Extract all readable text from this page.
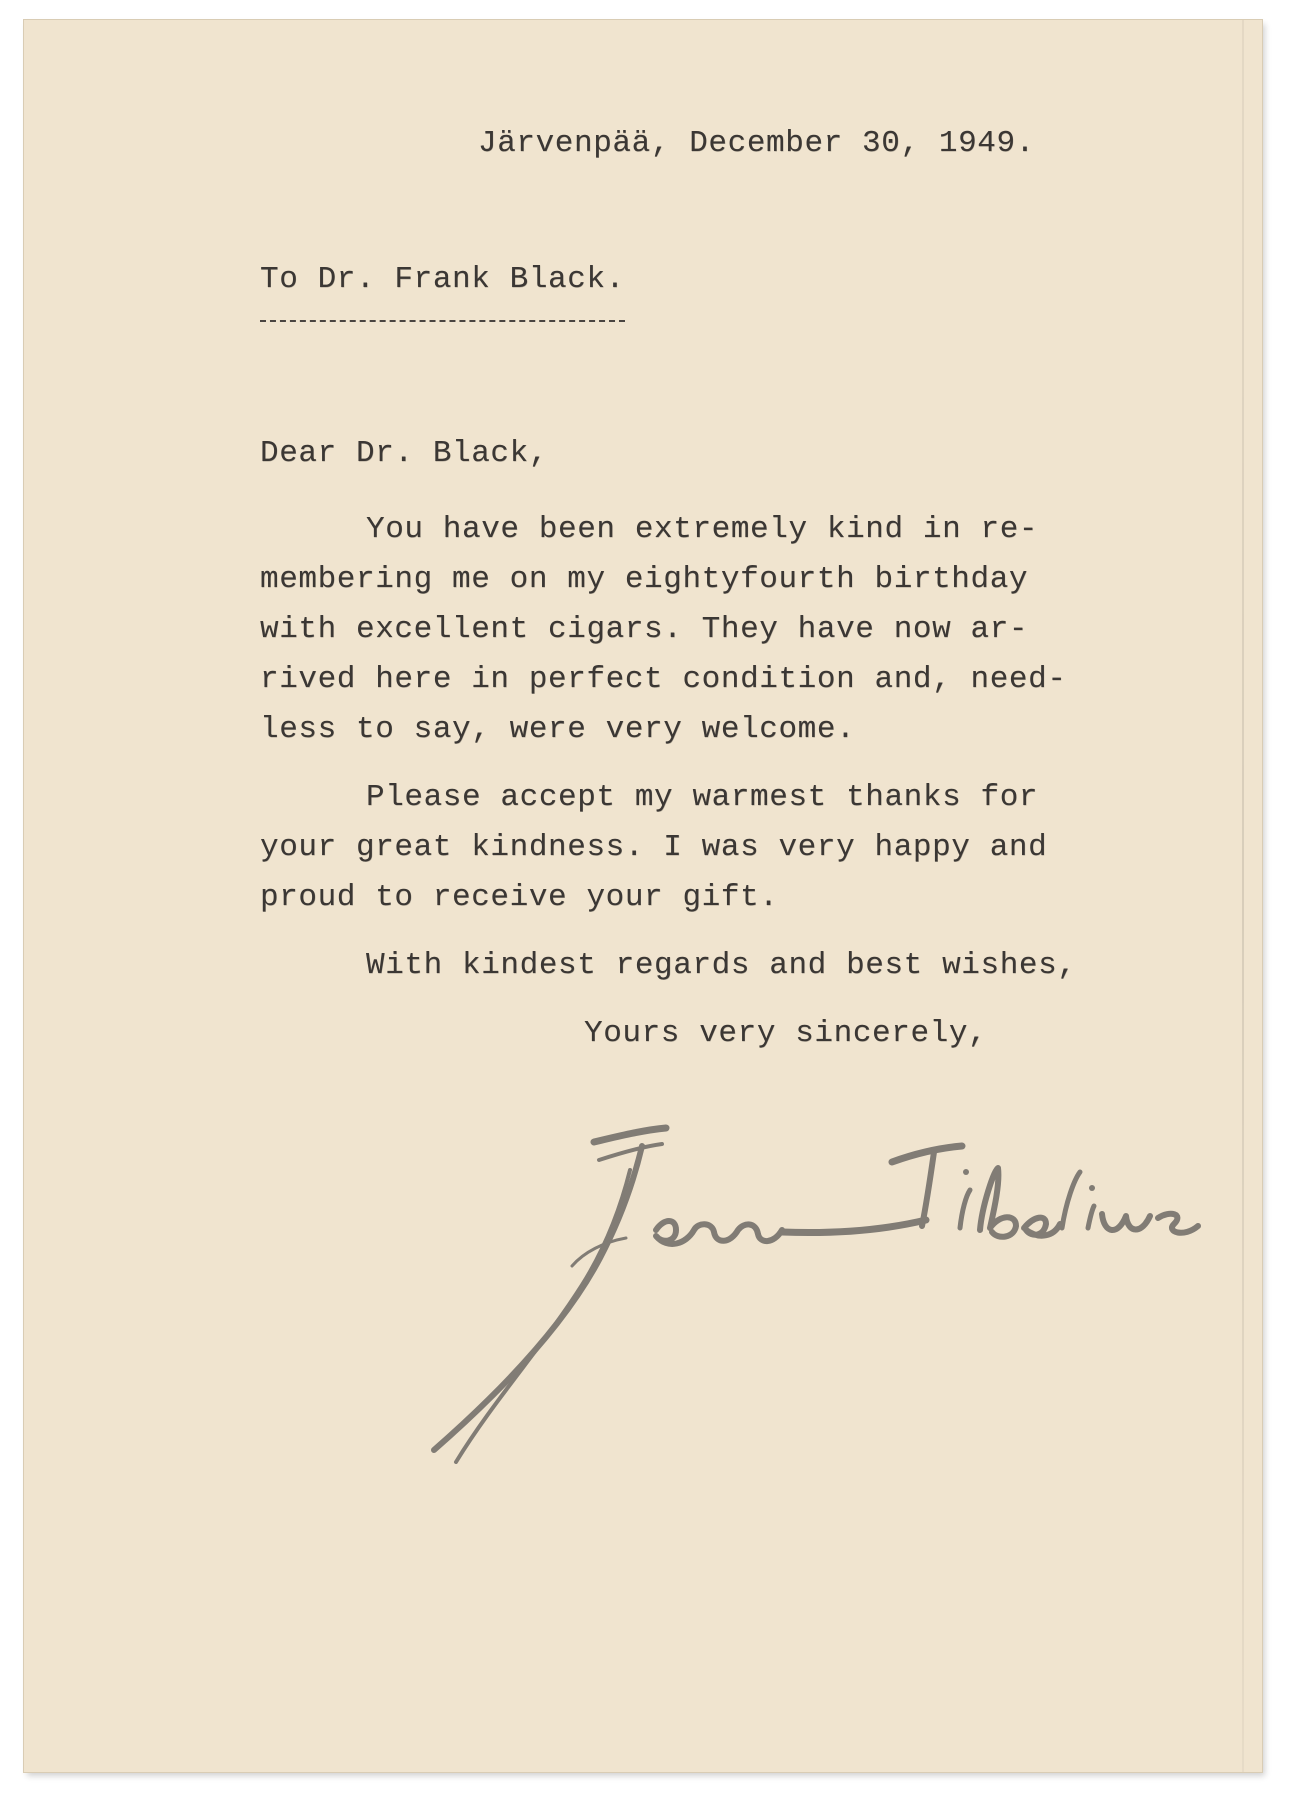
Järvenpää, December 30, 1949.
To Dr. Frank Black.
Dear Dr. Black,
You have been extremely kind in re-
membering me on my eightyfourth birthday
with excellent cigars. They have now ar-
rived here in perfect condition and, need-
less to say, were very welcome.
Please accept my warmest thanks for
your great kindness. I was very happy and
proud to receive your gift.
With kindest regards and best wishes,
Yours very sincerely,
